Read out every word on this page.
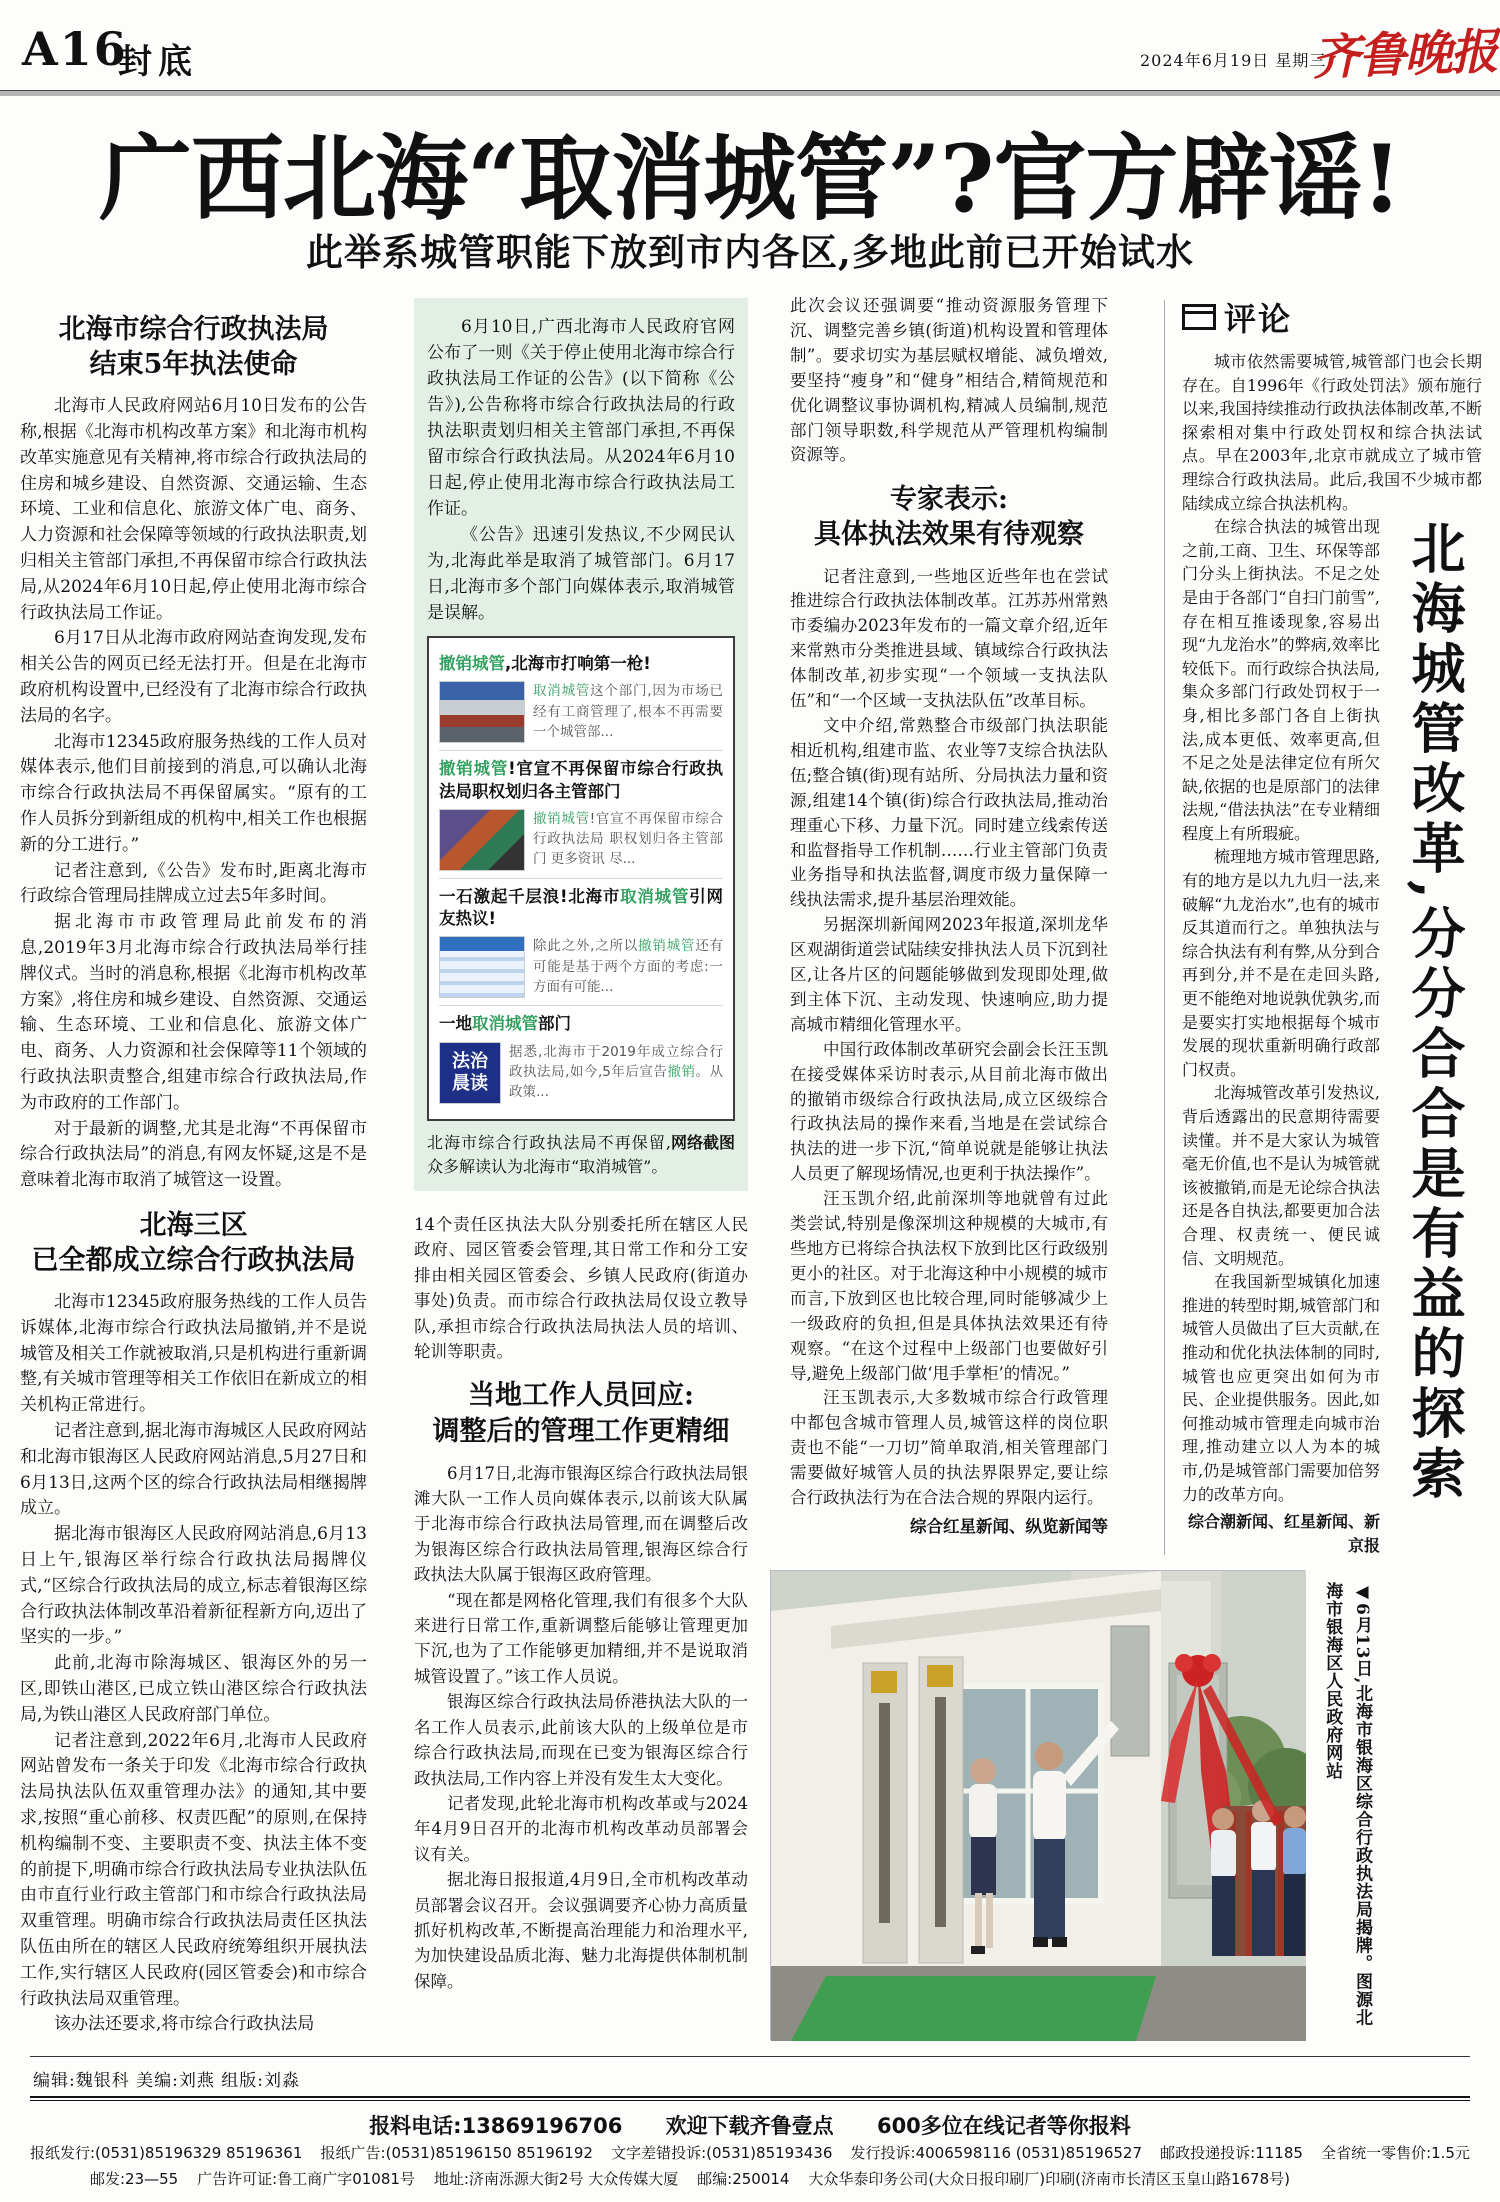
A16
封底	2024年6月19日 星期三
齐鲁晚报
广西北海“取消城管”?官方辟谣!
此举系城管职能下放到市内各区,多地此前已开始试水
北海市综合行政执法局
结束5年执法使命

北海市人民政府网站6月10日发布的公告称,根据《北海市机构改革方案》和北海市机构改革实施意见有关精神,将市综合行政执法局的住房和城乡建设、自然资源、交通运输、生态环境、工业和信息化、旅游文体广电、商务、人力资源和社会保障等领域的行政执法职责,划归相关主管部门承担,不再保留市综合行政执法局,从2024年6月10日起,停止使用北海市综合行政执法局工作证。

6月17日从北海市政府网站查询发现,发布相关公告的网页已经无法打开。但是在北海市政府机构设置中,已经没有了北海市综合行政执法局的名字。

北海市12345政府服务热线的工作人员对媒体表示,他们目前接到的消息,可以确认北海市综合行政执法局不再保留属实。“原有的工作人员拆分到新组成的机构中,相关工作也根据新的分工进行。”

记者注意到,《公告》发布时,距离北海市行政综合管理局挂牌成立过去5年多时间。

据北海市市政管理局此前发布的消息,2019年3月北海市综合行政执法局举行挂牌仪式。当时的消息称,根据《北海市机构改革方案》,将住房和城乡建设、自然资源、交通运输、生态环境、工业和信息化、旅游文体广电、商务、人力资源和社会保障等11个领域的行政执法职责整合,组建市综合行政执法局,作为市政府的工作部门。

对于最新的调整,尤其是北海“不再保留市综合行政执法局”的消息,有网友怀疑,这是不是意味着北海市取消了城管这一设置。

北海三区
已全都成立综合行政执法局

北海市12345政府服务热线的工作人员告诉媒体,北海市综合行政执法局撤销,并不是说城管及相关工作就被取消,只是机构进行重新调整,有关城市管理等相关工作依旧在新成立的相关机构正常进行。

记者注意到,据北海市海城区人民政府网站和北海市银海区人民政府网站消息,5月27日和6月13日,这两个区的综合行政执法局相继揭牌成立。

据北海市银海区人民政府网站消息,6月13日上午,银海区举行综合行政执法局揭牌仪式,“区综合行政执法局的成立,标志着银海区综合行政执法体制改革沿着新征程新方向,迈出了坚实的一步。”

此前,北海市除海城区、银海区外的另一区,即铁山港区,已成立铁山港区综合行政执法局,为铁山港区人民政府部门单位。

记者注意到,2022年6月,北海市人民政府网站曾发布一条关于印发《北海市综合行政执法局执法队伍双重管理办法》的通知,其中要求,按照“重心前移、权责匹配”的原则,在保持机构编制不变、主要职责不变、执法主体不变的前提下,明确市综合行政执法局专业执法队伍由市直行业行政主管部门和市综合行政执法局双重管理。明确市综合行政执法局责任区执法队伍由所在的辖区人民政府统筹组织开展执法工作,实行辖区人民政府(园区管委会)和市综合行政执法局双重管理。

该办法还要求,将市综合行政执法局

6月10日,广西北海市人民政府官网公布了一则《关于停止使用北海市综合行政执法局工作证的公告》(以下简称《公告》),公告称将市综合行政执法局的行政执法职责划归相关主管部门承担,不再保留市综合行政执法局。从2024年6月10日起,停止使用北海市综合行政执法局工作证。

《公告》迅速引发热议,不少网民认为,北海此举是取消了城管部门。6月17日,北海市多个部门向媒体表示,取消城管是误解。

撤销城管,北海市打响第一枪!
取消城管这个部门,因为市场已经有工商管理了,根本不再需要一个城管部...
撤销城管!官宣不再保留市综合行政执法局职权划归各主管部门
撤销城管!官宣不再保留市综合行政执法局 职权划归各主管部门 更多资讯 尽...
一石激起千层浪!北海市取消城管引网友热议!
除此之外,之所以撤销城管还有可能是基于两个方面的考虑:一方面有可能...
一地取消城管部门
法治
晨读
据悉,北海市于2019年成立综合行政执法局,如今,5年后宣告撤销。从政策...
网络截图
北海市综合行政执法局不再保留,众多解读认为北海市“取消城管”。

14个责任区执法大队分别委托所在辖区人民政府、园区管委会管理,其日常工作和分工安排由相关园区管委会、乡镇人民政府(街道办事处)负责。而市综合行政执法局仅设立教导队,承担市综合行政执法局执法人员的培训、轮训等职责。

当地工作人员回应:
调整后的管理工作更精细

6月17日,北海市银海区综合行政执法局银滩大队一工作人员向媒体表示,以前该大队属于北海市综合行政执法局管理,而在调整后改为银海区综合行政执法局管理,银海区综合行政执法大队属于银海区政府管理。

“现在都是网格化管理,我们有很多个大队来进行日常工作,重新调整后能够让管理更加下沉,也为了工作能够更加精细,并不是说取消城管设置了。”该工作人员说。

银海区综合行政执法局侨港执法大队的一名工作人员表示,此前该大队的上级单位是市综合行政执法局,而现在已变为银海区综合行政执法局,工作内容上并没有发生太大变化。

记者发现,此轮北海市机构改革或与2024年4月9日召开的北海市机构改革动员部署会议有关。

据北海日报报道,4月9日,全市机构改革动员部署会议召开。会议强调要齐心协力高质量抓好机构改革,不断提高治理能力和治理水平,为加快建设品质北海、魅力北海提供体制机制保障。

此次会议还强调要“推动资源服务管理下沉、调整完善乡镇(街道)机构设置和管理体制”。要求切实为基层赋权增能、减负增效,要坚持“瘦身”和“健身”相结合,精简规范和优化调整议事协调机构,精减人员编制,规范部门领导职数,科学规范从严管理机构编制资源等。

专家表示:
具体执法效果有待观察

记者注意到,一些地区近些年也在尝试推进综合行政执法体制改革。江苏苏州常熟市委编办2023年发布的一篇文章介绍,近年来常熟市分类推进县域、镇域综合行政执法体制改革,初步实现“一个领域一支执法队伍”和“一个区域一支执法队伍”改革目标。

文中介绍,常熟整合市级部门执法职能相近机构,组建市监、农业等7支综合执法队伍;整合镇(街)现有站所、分局执法力量和资源,组建14个镇(街)综合行政执法局,推动治理重心下移、力量下沉。同时建立线索传送和监督指导工作机制……行业主管部门负责业务指导和执法监督,调度市级力量保障一线执法需求,提升基层治理效能。

另据深圳新闻网2023年报道,深圳龙华区观湖街道尝试陆续安排执法人员下沉到社区,让各片区的问题能够做到发现即处理,做到主体下沉、主动发现、快速响应,助力提高城市精细化管理水平。

中国行政体制改革研究会副会长汪玉凯在接受媒体采访时表示,从目前北海市做出的撤销市级综合行政执法局,成立区级综合行政执法局的操作来看,当地是在尝试综合执法的进一步下沉,“简单说就是能够让执法人员更了解现场情况,也更利于执法操作”。

汪玉凯介绍,此前深圳等地就曾有过此类尝试,特别是像深圳这种规模的大城市,有些地方已将综合执法权下放到比区行政级别更小的社区。对于北海这种中小规模的城市而言,下放到区也比较合理,同时能够减少上一级政府的负担,但是具体执法效果还有待观察。“在这个过程中上级部门也要做好引导,避免上级部门做‘甩手掌柜’的情况。”

汪玉凯表示,大多数城市综合行政管理中都包含城市管理人员,城管这样的岗位职责也不能“一刀切”简单取消,相关管理部门需要做好城管人员的执法界限界定,要让综合行政执法行为在合法合规的界限内运行。

综合红星新闻、纵览新闻等

评论
北海城管改革,分分合合是有益的探索

城市依然需要城管,城管部门也会长期存在。自1996年《行政处罚法》颁布施行以来,我国持续推动行政执法体制改革,不断探索相对集中行政处罚权和综合执法试点。早在2003年,北京市就成立了城市管理综合行政执法局。此后,我国不少城市都陆续成立综合执法机构。

在综合执法的城管出现之前,工商、卫生、环保等部门分头上街执法。不足之处是由于各部门“自扫门前雪”,存在相互推诿现象,容易出现“九龙治水”的弊病,效率比较低下。而行政综合执法局,集众多部门行政处罚权于一身,相比多部门各自上街执法,成本更低、效率更高,但不足之处是法律定位有所欠缺,依据的也是原部门的法律法规,“借法执法”在专业精细程度上有所瑕疵。

梳理地方城市管理思路,有的地方是以九九归一法,来破解“九龙治水”,也有的城市反其道而行之。单独执法与综合执法有利有弊,从分到合再到分,并不是在走回头路,更不能绝对地说孰优孰劣,而是要实打实地根据每个城市发展的现状重新明确行政部门权责。

北海城管改革引发热议,背后透露出的民意期待需要读懂。并不是大家认为城管毫无价值,也不是认为城管就该被撤销,而是无论综合执法还是各自执法,都要更加合法合理、权责统一、便民诚信、文明规范。

在我国新型城镇化加速推进的转型时期,城管部门和城管人员做出了巨大贡献,在推动和优化执法体制的同时,城管也应更突出如何为市民、企业提供服务。因此,如何推动城市管理走向城市治理,推动建立以人为本的城市,仍是城管部门需要加倍努力的改革方向。

综合潮新闻、红星新闻、新京报

◀6月13日,北海市银海区综合行政执法局揭牌。图源北海市银海区人民政府网站
编辑:魏银科 美编:刘燕 组版:刘淼
报料电话:13869196706 欢迎下载齐鲁壹点 600多位在线记者等你报料
报纸发行:(0531)85196329 85196361 报纸广告:(0531)85196150 85196192 文字差错投诉:(0531)85193436 发行投诉:4006598116 (0531)85196527 邮政投递投诉:11185 全省统一零售价:1.5元
邮发:23—55 广告许可证:鲁工商广字01081号 地址:济南泺源大街2号 大众传媒大厦 邮编:250014 大众华泰印务公司(大众日报印刷厂)印刷(济南市长清区玉皇山路1678号)
